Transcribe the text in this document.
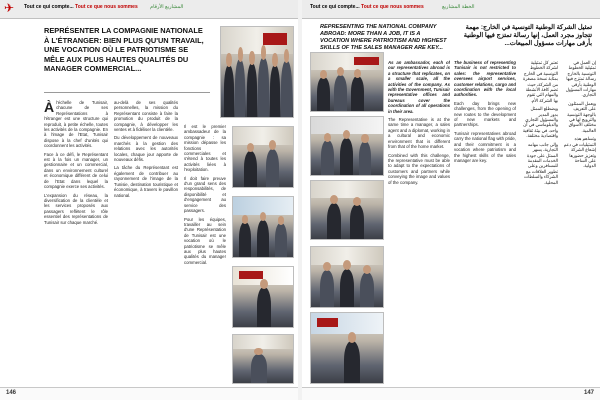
✈	Tout ce qui compte... Tout ce que nous sommes المشاريع الأرقام
REPRÉSENTER LA COMPAGNIE NATIONALE À L'ÉTRANGER: BIEN PLUS QU'UN TRAVAIL, UNE VOCATION OÙ LE PATRIOTISME SE MÊLE AUX PLUS HAUTES QUALITÉS DU MANAGER COMMERCIAL...

Àl'échelle de Tunisair, chacune de ses Représentations à l'étranger est une structure qui reproduit, à petite échelle, toutes les activités de la compagnie. En à l'image de l'Etat, Tunisair dispose à la chef d'unités qui coordonnent les activités.

Face à ce défi, le Représentant est à la fois un manager, un gestionnaire et un commercial, dans un environnement culturel et économique différent de celui de l'Etat dans lequel la compagnie exerce ses activités.

L'expansion du réseau, la diversification de la clientèle et les services proposés aux passagers reflètent le rôle essentiel des représentations de Tunisair sur chaque marché.

au-delà de ses qualités personnelles, la mission du Représentant consiste à faire la promotion du produit de la compagnie, à développer les ventes et à fidéliser la clientèle.

Du développement de nouveaux marchés à la gestion des relations avec les autorités locales, chaque jour apporte de nouveaux défis.

La tâche du Représentant est également de contribuer au rayonnement de l'image de la Tunisie, destination touristique et économique, à travers le pavillon national.

Il est le premier ambassadeur de la compagnie : sa mission dépasse les fonctions commerciales et s'étend à toutes les activités liées à l'exploitation.

Il doit faire preuve d'un grand sens des responsabilités, de disponibilité et d'engagement au service des passagers.

Pour les équipes, travailler au sein d'une Représentation de Tunisair est une vocation où le patriotisme se mêle aux plus hautes qualités du manager commercial.

146
Tout ce qui compte... Tout ce que nous sommes	الخطة المشاريع
REPRESENTING THE NATIONAL COMPANY ABROAD: MORE THAN A JOB, IT IS A VOCATION WHERE PATRIOTISM AND HIGHEST SKILLS OF THE SALES MANAGER ARE KEY...
تمثيل الشركة الوطنية التونسية في الخارج: مهمة تتجاوز مجرد العمل، إنها رسالة تمتزج فيها الوطنية بأرقى مهارات مسؤول المبيعات...

As an ambassador, each of our representatives abroad is a structure that replicates, on a smaller scale, all the activities of the company. As with the Government, Tunisair representative offices and bureaus cover the coordination of all operations in their area.

The Representative is at the same time a manager, a sales agent and a diplomat, working in a cultural and economic environment that is different from that of the home market.

Combined with this challenge, the representative must be able to adapt to the expectations of customers and partners while conveying the image and values of the company.

The business of representing Tunisair is not restricted to sales: the representative oversees airport services, customer relations, cargo and coordination with the local authorities.

Each day brings new challenges, from the opening of new routes to the development of new markets and partnerships.

Tunisair representatives abroad carry the national flag with pride, and their commitment is a vocation where patriotism and the highest skills of the sales manager are key.

تعتبر كل تمثيلية لشركة الخطوط التونسية في الخارج بمثابة نسخة مصغرة من الشركة، حيث تضم كافة الأنشطة والمهام التي تقوم بها الشركة الأم.

ويضطلع الممثل بدور المدير والمسؤول التجاري والدبلوماسي في آن واحد، في بيئة ثقافية واقتصادية مختلفة.

وإلى جانب مهامه التجارية، يسهر الممثل على جودة الخدمات المقدمة للمسافرين وعلى تطوير العلاقات مع الشركاء والسلطات المحلية.

إن العمل في تمثيلية الخطوط التونسية بالخارج رسالة تمتزج فيها الوطنية بأرقى مهارات المسؤول التجاري.

ويعمل الممثلون على التعريف بالوجهة التونسية والترويج لها في مختلف الأسواق العالمية.

وتساهم هذه التمثيليات في دعم إشعاع الشركة وتعزيز حضورها على الساحة الدولية.

147
